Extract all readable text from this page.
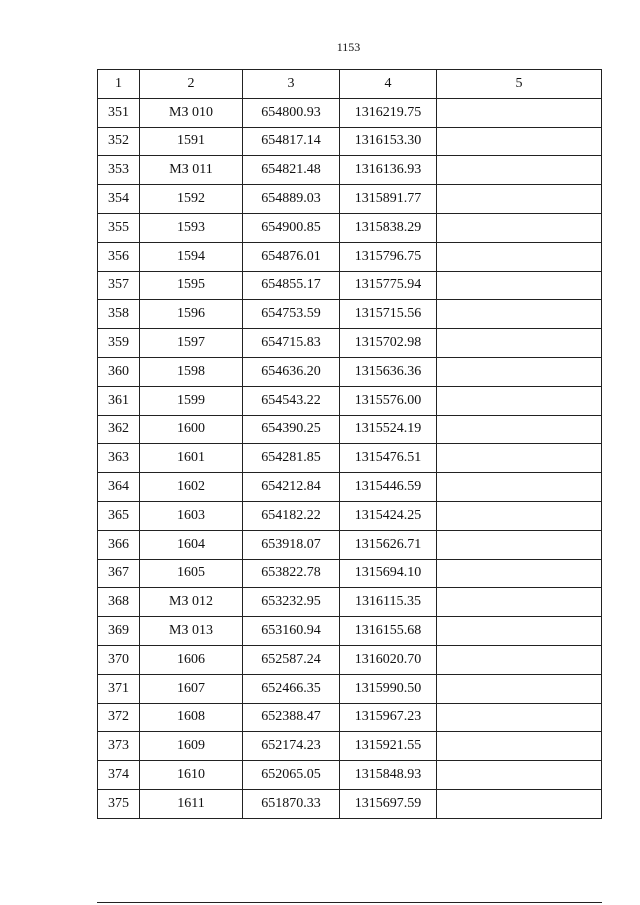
1153
1	2	3	4	5
351	МЗ 010	654800.93	1316219.75	
352	1591	654817.14	1316153.30	
353	МЗ 011	654821.48	1316136.93	
354	1592	654889.03	1315891.77	
355	1593	654900.85	1315838.29	
356	1594	654876.01	1315796.75	
357	1595	654855.17	1315775.94	
358	1596	654753.59	1315715.56	
359	1597	654715.83	1315702.98	
360	1598	654636.20	1315636.36	
361	1599	654543.22	1315576.00	
362	1600	654390.25	1315524.19	
363	1601	654281.85	1315476.51	
364	1602	654212.84	1315446.59	
365	1603	654182.22	1315424.25	
366	1604	653918.07	1315626.71	
367	1605	653822.78	1315694.10	
368	МЗ 012	653232.95	1316115.35	
369	МЗ 013	653160.94	1316155.68	
370	1606	652587.24	1316020.70	
371	1607	652466.35	1315990.50	
372	1608	652388.47	1315967.23	
373	1609	652174.23	1315921.55	
374	1610	652065.05	1315848.93	
375	1611	651870.33	1315697.59	
